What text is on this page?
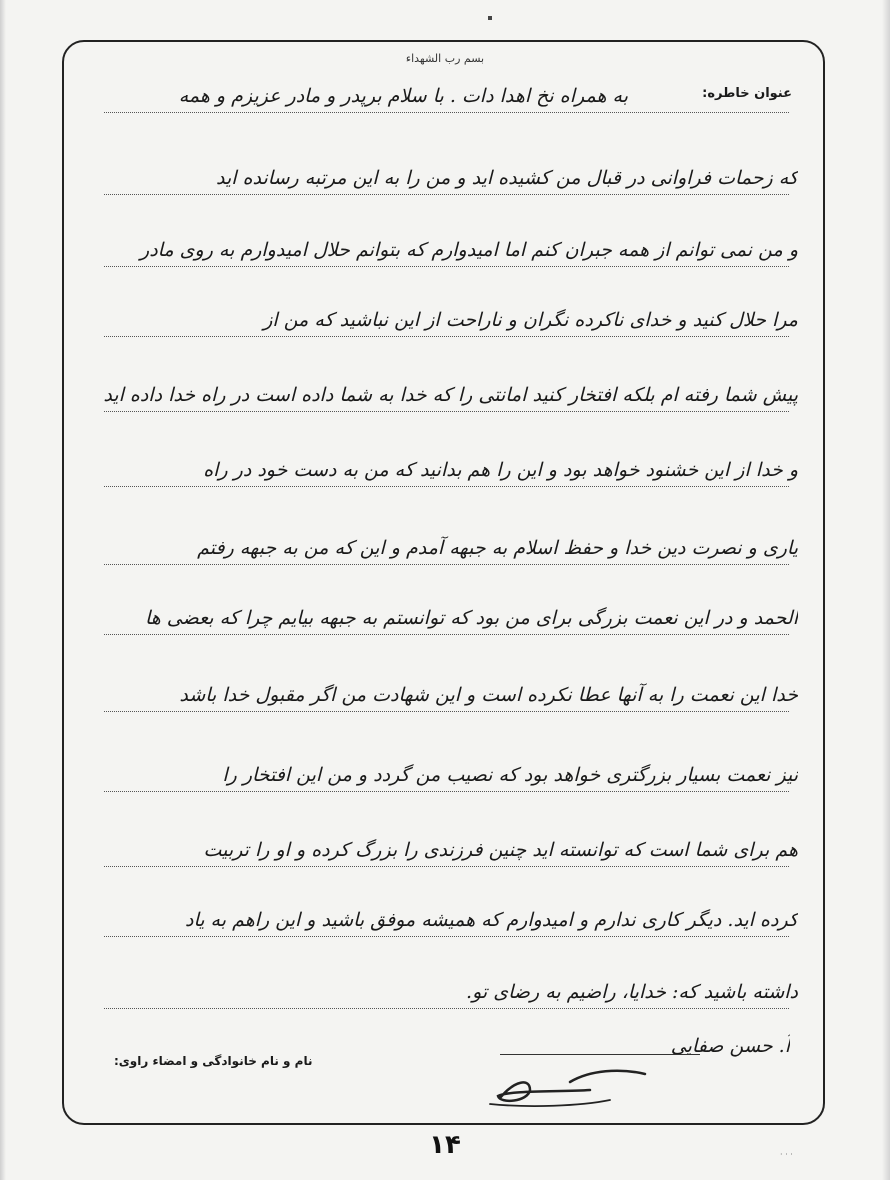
بسم رب الشهداء
عنوان خاطره:
به همراه نخ اهدا دات . با سلام برپدر و مادر عزیزم و همه
که زحمات فراوانی در قبال من کشیده اید و من را به این مرتبه رسانده اید
و من نمی توانم از همه جبران کنم اما امیدوارم که بتوانم حلال امیدوارم به روی مادر
مرا حلال کنید و خدای ناکرده نگران و ناراحت از این نباشید که من از
پیش شما رفته ام بلکه افتخار کنید امانتی را که خدا به شما داده است در راه خدا داده اید
و خدا از این خشنود خواهد بود و این را هم بدانید که من به دست خود در راه
یاری و نصرت دین خدا و حفظ اسلام به جبهه آمدم و این که من به جبهه رفتم
الحمد و در این نعمت بزرگی برای من بود که توانستم به جبهه بیایم چرا که بعضی ها
خدا این نعمت را به آنها عطا نکرده است و این شهادت من اگر مقبول خدا باشد
نیز نعمت بسیار بزرگتری خواهد بود که نصیب من گردد و من این افتخار را
هم برای شما است که توانسته اید چنین فرزندی را بزرگ کرده و او را تربیت
کرده اید. دیگر کاری ندارم و امیدوارم که همیشه موفق باشید و این راهم به یاد
داشته باشید که: خدایا، راضیم به رضای تو.
نام و نام خانوادگی و امضاء راوی:
آ. حسن صفایی
۱۴	· · ·
